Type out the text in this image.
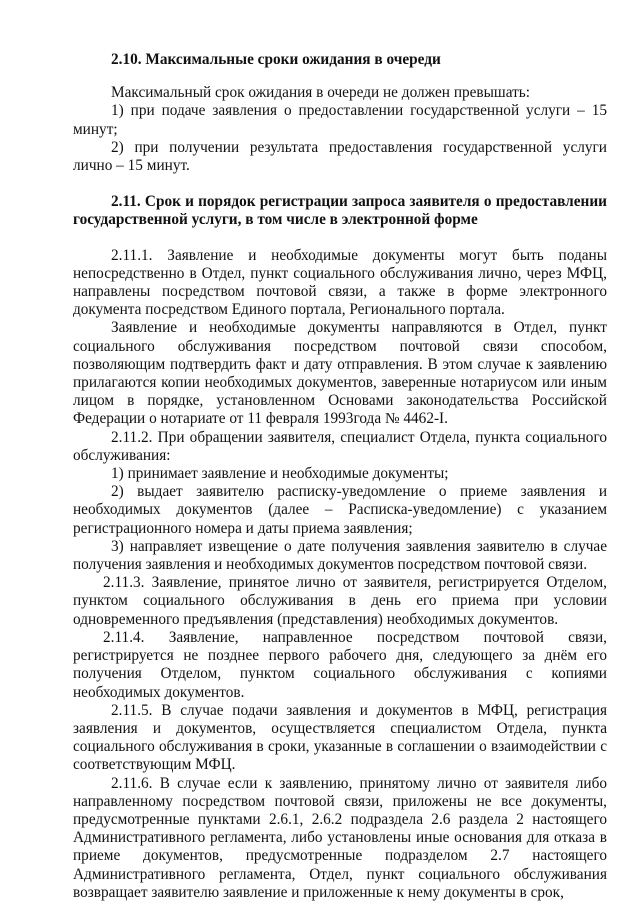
2.10. Максимальные сроки ожидания в очереди

Максимальный срок ожидания в очереди не должен превышать:

1) при подаче заявления о предоставлении государственной услуги – 15 минут;

2) при получении результата предоставления государственной услуги лично – 15 минут.

2.11. Срок и порядок регистрации запроса заявителя о предоставлении государственной услуги, в том числе в электронной форме

2.11.1. Заявление и необходимые документы могут быть поданы непосредственно в Отдел, пункт социального обслуживания лично, через МФЦ, направлены посредством почтовой связи, а также в форме электронного документа посредством Единого портала, Регионального портала.

Заявление и необходимые документы направляются в Отдел, пункт социального обслуживания посредством почтовой связи способом, позволяющим подтвердить факт и дату отправления. В этом случае к заявлению прилагаются копии необходимых документов, заверенные нотариусом или иным лицом в порядке, установленном Основами законодательства Российской Федерации о нотариате от 11 февраля 1993года № 4462-I.

2.11.2. При обращении заявителя, специалист Отдела, пункта социального обслуживания:

1) принимает заявление и необходимые документы;

2) выдает заявителю расписку-уведомление о приеме заявления и необходимых документов (далее – Расписка-уведомление) с указанием регистрационного номера и даты приема заявления;

3) направляет извещение о дате получения заявления заявителю в случае получения заявления и необходимых документов посредством почтовой связи.

2.11.3. Заявление, принятое лично от заявителя, регистрируется Отделом, пунктом социального обслуживания в день его приема при условии одновременного предъявления (представления) необходимых документов.

2.11.4. Заявление, направленное посредством почтовой связи, регистрируется не позднее первого рабочего дня, следующего за днём его получения Отделом, пунктом социального обслуживания с копиями необходимых документов.

2.11.5. В случае подачи заявления и документов в МФЦ, регистрация заявления и документов, осуществляется специалистом Отдела, пункта социального обслуживания в сроки, указанные в соглашении о взаимодействии с соответствующим МФЦ.

2.11.6. В случае если к заявлению, принятому лично от заявителя либо направленному посредством почтовой связи, приложены не все документы, предусмотренные пунктами 2.6.1, 2.6.2 подраздела 2.6 раздела 2 настоящего Административного регламента, либо установлены иные основания для отказа в приеме документов, предусмотренные подразделом 2.7 настоящего Административного регламента, Отдел, пункт социального обслуживания возвращает заявителю заявление и приложенные к нему документы в срок,
